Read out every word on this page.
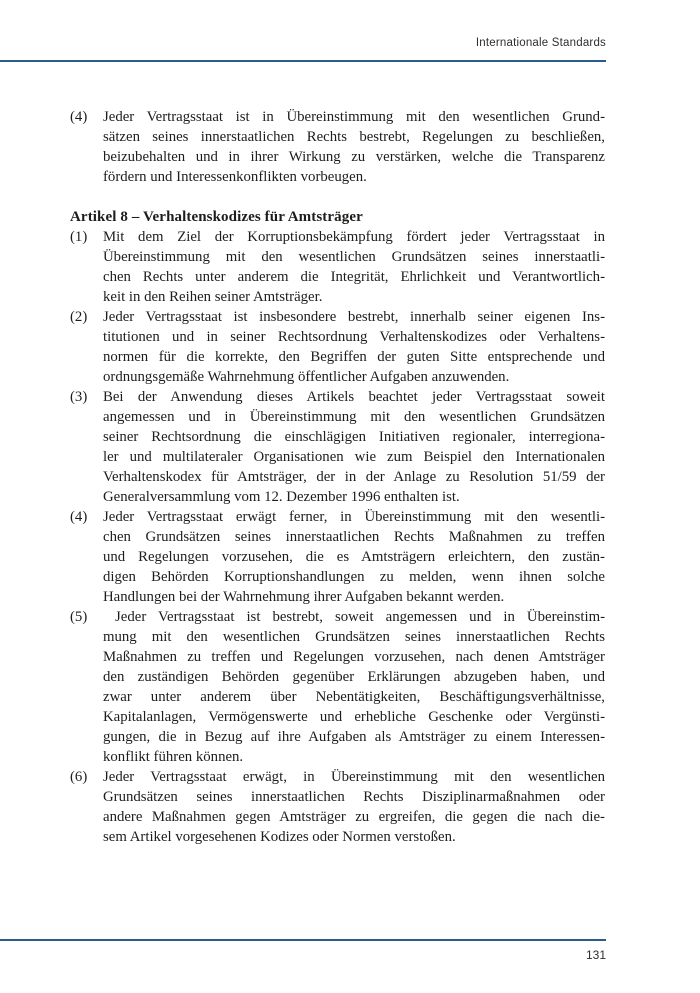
Internationale Standards
(4)	Jeder Vertragsstaat ist in Übereinstimmung mit den wesentlichen Grund-
sätzen seines innerstaatlichen Rechts bestrebt, Regelungen zu beschließen,
beizubehalten und in ihrer Wirkung zu verstärken, welche die Transparenz
fördern und Interessenkonflikten vorbeugen.
Artikel 8 – Verhaltenskodizes für Amtsträger
(1)	Mit dem Ziel der Korruptionsbekämpfung fördert jeder Vertragsstaat in
Übereinstimmung mit den wesentlichen Grundsätzen seines innerstaatli-
chen Rechts unter anderem die Integrität, Ehrlichkeit und Verantwortlich-
keit in den Reihen seiner Amtsträger.
(2)	Jeder Vertragsstaat ist insbesondere bestrebt, innerhalb seiner eigenen Ins-
titutionen und in seiner Rechtsordnung Verhaltenskodizes oder Verhaltens-
normen für die korrekte, den Begriffen der guten Sitte entsprechende und
ordnungsgemäße Wahrnehmung öffentlicher Aufgaben anzuwenden.
(3)	Bei der Anwendung dieses Artikels beachtet jeder Vertragsstaat soweit
angemessen und in Übereinstimmung mit den wesentlichen Grundsätzen
seiner Rechtsordnung die einschlägigen Initiativen regionaler, interregiona-
ler und multilateraler Organisationen wie zum Beispiel den Internationalen
Verhaltenskodex für Amtsträger, der in der Anlage zu Resolution 51/59 der
Generalversammlung vom 12. Dezember 1996 enthalten ist.
(4)	Jeder Vertragsstaat erwägt ferner, in Übereinstimmung mit den wesentli-
chen Grundsätzen seines innerstaatlichen Rechts Maßnahmen zu treffen
und Regelungen vorzusehen, die es Amtsträgern erleichtern, den zustän-
digen Behörden Korruptionshandlungen zu melden, wenn ihnen solche
Handlungen bei der Wahrnehmung ihrer Aufgaben bekannt werden.
(5)	Jeder Vertragsstaat ist bestrebt, soweit angemessen und in Übereinstim-
mung mit den wesentlichen Grundsätzen seines innerstaatlichen Rechts
Maßnahmen zu treffen und Regelungen vorzusehen, nach denen Amtsträger
den zuständigen Behörden gegenüber Erklärungen abzugeben haben, und
zwar unter anderem über Nebentätigkeiten, Beschäftigungsverhältnisse,
Kapitalanlagen, Vermögenswerte und erhebliche Geschenke oder Vergünsti-
gungen, die in Bezug auf ihre Aufgaben als Amtsträger zu einem Interessen-
konflikt führen können.
(6)	Jeder Vertragsstaat erwägt, in Übereinstimmung mit den wesentlichen
Grundsätzen seines innerstaatlichen Rechts Disziplinarmaßnahmen oder
andere Maßnahmen gegen Amtsträger zu ergreifen, die gegen die nach die-
sem Artikel vorgesehenen Kodizes oder Normen verstoßen.
131
